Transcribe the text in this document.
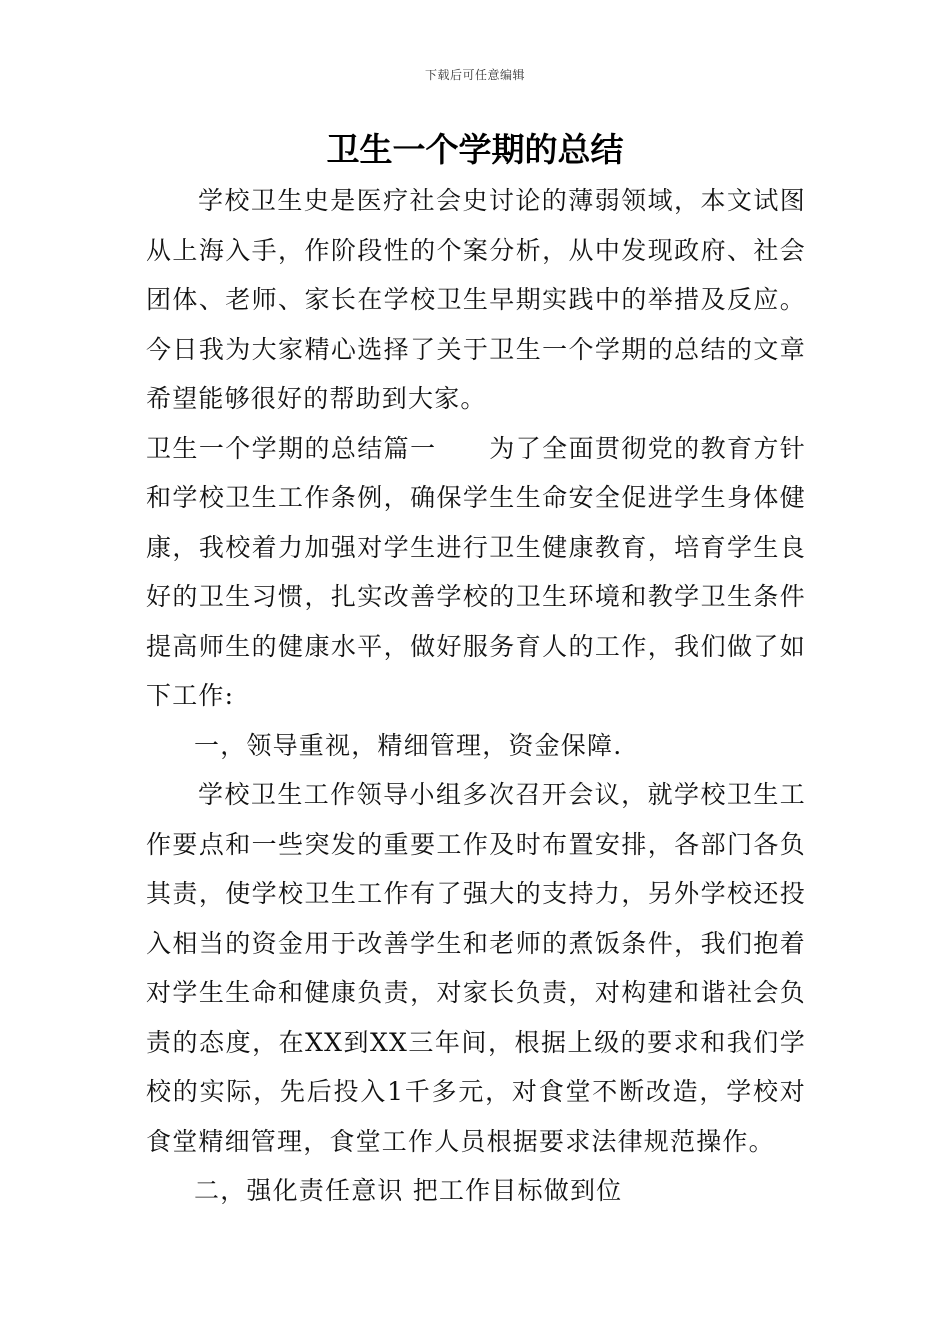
下载后可任意编辑
卫生一个学期的总结

学校卫生史是医疗社会史讨论的薄弱领域，本文试图从上海入手，作阶段性的个案分析，从中发现政府、社会团体、老师、家长在学校卫生早期实践中的举措及反应。今日我为大家精心选择了关于卫生一个学期的总结的文章希望能够很好的帮助到大家。

卫生一个学期的总结篇一　　为了全面贯彻党的教育方针和学校卫生工作条例，确保学生生命安全促进学生身体健康，我校着力加强对学生进行卫生健康教育，培育学生良好的卫生习惯，扎实改善学校的卫生环境和教学卫生条件提高师生的健康水平，做好服务育人的工作，我们做了如下工作:

一，领导重视，精细管理，资金保障.

学校卫生工作领导小组多次召开会议，就学校卫生工作要点和一些突发的重要工作及时布置安排，各部门各负其责，使学校卫生工作有了强大的支持力，另外学校还投入相当的资金用于改善学生和老师的煮饭条件，我们抱着对学生生命和健康负责，对家长负责，对构建和谐社会负责的态度，在XX到XX三年间，根据上级的要求和我们学校的实际，先后投入1千多元，对食堂不断改造，学校对食堂精细管理，食堂工作人员根据要求法律规范操作。

二，强化责任意识 把工作目标做到位
